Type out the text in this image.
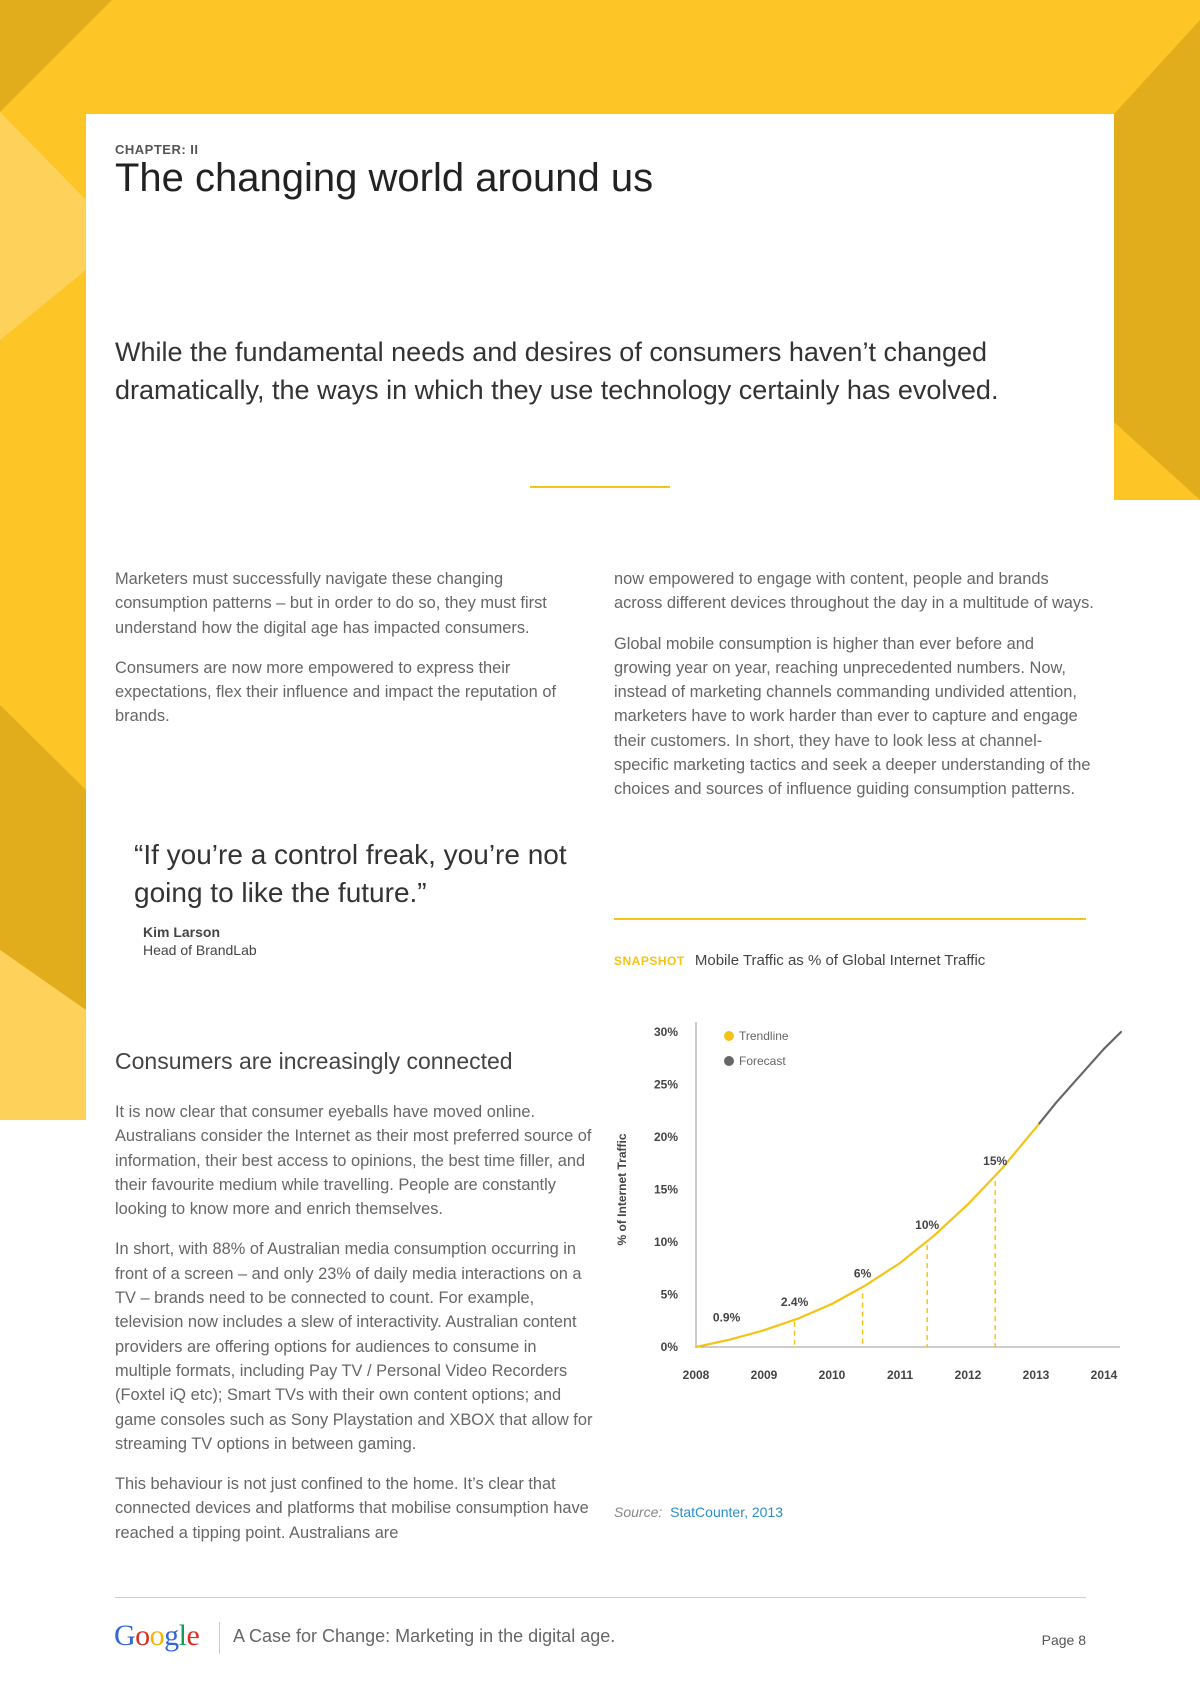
CHAPTER: II
The changing world around us

While the fundamental needs and desires of consumers haven’t changed dramatically, the ways in which they use technology certainly has evolved.

Marketers must successfully navigate these changing consumption patterns – but in order to do so, they must first understand how the digital age has impacted consumers.

Consumers are now more empowered to express their expectations, flex their influence and impact the reputation of brands.

now empowered to engage with content, people and brands across different devices throughout the day in a multitude of ways.

Global mobile consumption is higher than ever before and growing year on year, reaching unprecedented numbers. Now, instead of marketing channels commanding undivided attention, marketers have to work harder than ever to capture and engage their customers. In short, they have to look less at channel-specific marketing tactics and seek a deeper understanding of the choices and sources of influence guiding consumption patterns.

“If you’re a control freak, you’re not going to like the future.”

Kim Larson
Head of BrandLab
Consumers are increasingly connected

It is now clear that consumer eyeballs have moved online. Australians consider the Internet as their most preferred source of information, their best access to opinions, the best time filler, and their favourite medium while travelling. People are constantly looking to know more and enrich themselves.

In short, with 88% of Australian media consumption occurring in front of a screen – and only 23% of daily media interactions on a TV – brands need to be connected to count. For example, television now includes a slew of interactivity. Australian content providers are offering options for audiences to consume in multiple formats, including Pay TV / Personal Video Recorders (Foxtel iQ etc); Smart TVs with their own content options; and game consoles such as Sony Playstation and XBOX that allow for streaming TV options in between gaming.

This behaviour is not just confined to the home. It’s clear that connected devices and platforms that mobilise consumption have reached a tipping point. Australians are

SNAPSHOT Mobile Traffic as % of Global Internet Traffic
0%
5%
10%
15%
20%
25%
30%
2008	2009	2010	2011	2012	2013	2014
% of Internet Traffic
0.9%
2.4%
6%
10%
15%
Trendline
Forecast
Source: StatCounter, 2013
Google A Case for Change: Marketing in the digital age.	Page 8
